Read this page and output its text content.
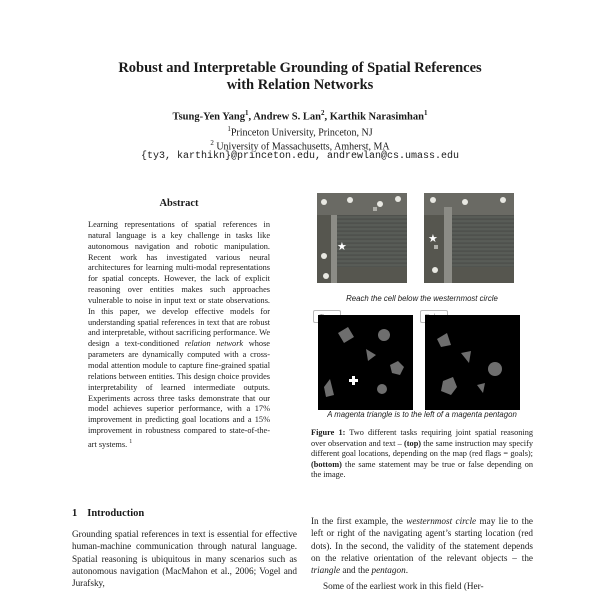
Robust and Interpretable Grounding of Spatial References
with Relation Networks
Tsung-Yen Yang$^1$, Andrew S. Lan$^2$, Karthik Narasimhan$^1$
$^1$Princeton University, Princeton, NJ
$^2$ University of Massachusetts, Amherst, MA
{ty3, karthikn}@princeton.edu, andrewlan@cs.umass.edu
Abstract
Learning representations of spatial references in natural language is a key challenge in tasks like autonomous navigation and robotic manipulation. Recent work has investigated various neural architectures for learning multi-modal representations for spatial concepts. However, the lack of explicit reasoning over entities makes such approaches vulnerable to noise in input text or state observations. In this paper, we develop effective models for understanding spatial references in text that are robust and interpretable, without sacrificing performance. We design a text-conditioned relation network whose parameters are dynamically computed with a cross-modal attention module to capture fine-grained spatial relations between entities. This design choice provides interpretability of learned intermediate outputs. Experiments across three tasks demonstrate that our model achieves superior performance, with a 17% improvement in predicting goal locations and a 15% improvement in robustness compared to state-of-the-art systems. $^1$
1 Introduction
Grounding spatial references in text is essential for effective human-machine communication through natural language. Spatial reasoning is ubiquitous in many scenarios such as autonomous navigation (MacMahon et al., 2006; Vogel and Jurafsky,
★
★
Reach the cell below the westernmost circle
True	False
A magenta triangle is to the left of a magenta pentagon
Figure 1: Two different tasks requiring joint spatial reasoning over observation and text – (top) the same instruction may specify different goal locations, depending on the map (red flags = goals); (bottom) the same statement may be true or false depending on the image.

In the first example, the westernmost circle may lie to the left or right of the navigating agent’s starting location (red dots). In the second, the validity of the statement depends on the relative orientation of the relevant objects – the triangle and the pentagon.

Some of the earliest work in this field (Her-
